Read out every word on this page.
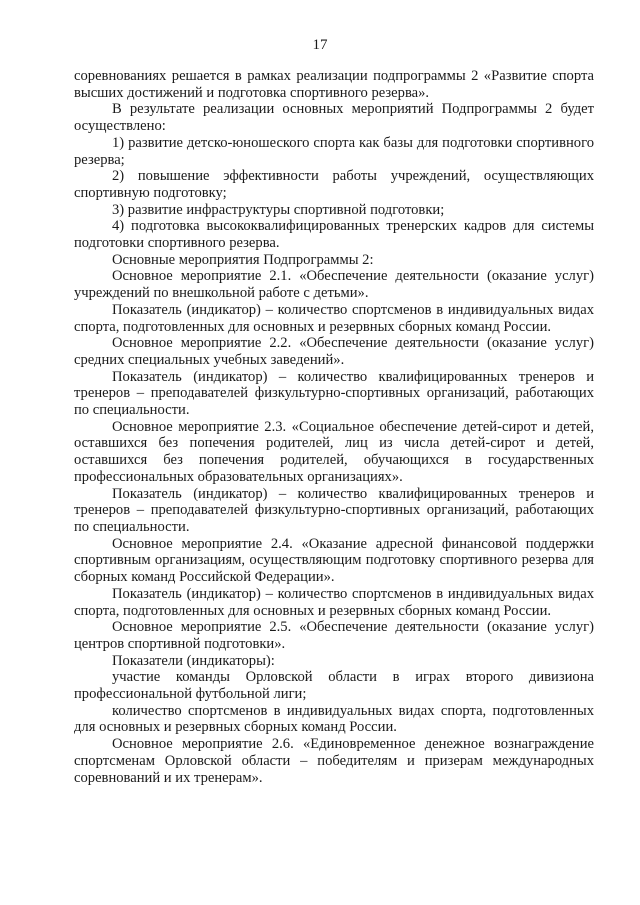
17

соревнованиях решается в рамках реализации подпрограммы 2 «Развитие спорта высших достижений и подготовка спортивного резерва».

В результате реализации основных мероприятий Подпрограммы 2 будет осуществлено:

1) развитие детско-юношеского спорта как базы для подготовки спортивного резерва;

2) повышение эффективности работы учреждений, осуществляющих спортивную подготовку;

3) развитие инфраструктуры спортивной подготовки;

4) подготовка высококвалифицированных тренерских кадров для системы подготовки спортивного резерва.

Основные мероприятия Подпрограммы 2:

Основное мероприятие 2.1. «Обеспечение деятельности (оказание услуг) учреждений по внешкольной работе с детьми».

Показатель (индикатор) – количество спортсменов в индивидуальных видах спорта, подготовленных для основных и резервных сборных команд России.

Основное мероприятие 2.2. «Обеспечение деятельности (оказание услуг) средних специальных учебных заведений».

Показатель (индикатор) – количество квалифицированных тренеров и тренеров – преподавателей физкультурно-спортивных организаций, работающих по специальности.

Основное мероприятие 2.3. «Социальное обеспечение детей-сирот и детей, оставшихся без попечения родителей, лиц из числа детей-сирот и детей, оставшихся без попечения родителей, обучающихся в государственных профессиональных образовательных организациях».

Показатель (индикатор) – количество квалифицированных тренеров и тренеров – преподавателей физкультурно-спортивных организаций, работающих по специальности.

Основное мероприятие 2.4. «Оказание адресной финансовой поддержки спортивным организациям, осуществляющим подготовку спортивного резерва для сборных команд Российской Федерации».

Показатель (индикатор) – количество спортсменов в индивидуальных видах спорта, подготовленных для основных и резервных сборных команд России.

Основное мероприятие 2.5. «Обеспечение деятельности (оказание услуг) центров спортивной подготовки».

Показатели (индикаторы):

участие команды Орловской области в играх второго дивизиона профессиональной футбольной лиги;

количество спортсменов в индивидуальных видах спорта, подготовленных для основных и резервных сборных команд России.

Основное мероприятие 2.6. «Единовременное денежное вознаграждение спортсменам Орловской области – победителям и призерам международных соревнований и их тренерам».
